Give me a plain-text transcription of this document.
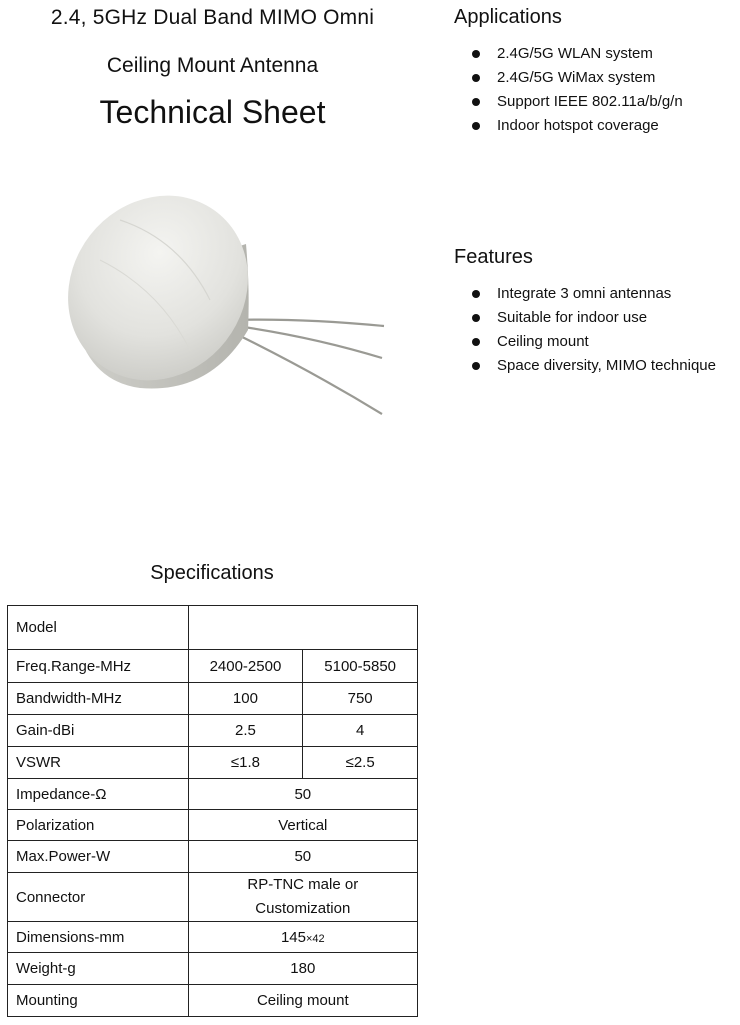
2.4, 5GHz Dual Band MIMO Omni
Ceiling Mount Antenna
Technical Sheet
Applications
2.4G/5G WLAN system
2.4G/5G WiMax system
Support IEEE 802.11a/b/g/n
Indoor hotspot coverage
Features
Integrate 3 omni antennas
Suitable for indoor use
Ceiling mount
Space diversity, MIMO technique
Specifications
Model		
Freq.Range-MHz	2400-2500	5100-5850
Bandwidth-MHz	100	750
Gain-dBi	2.5	4
VSWR	≤1.8	≤2.5
Impedance-Ω	50	
Polarization	Vertical	
Max.Power-W	50	
Connector	RP-TNC male or
Customization	

Dimensions-mm	145×42	
Weight-g	180	
Mounting	Ceiling mount	
